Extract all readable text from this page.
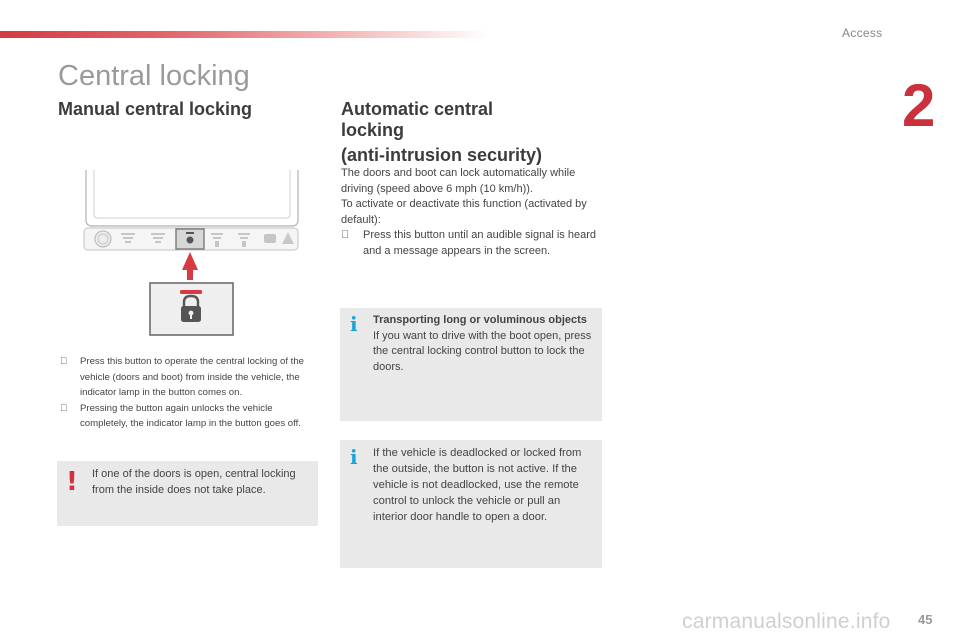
Access
2
Central locking
Manual central locking	Automatic central
locking
(anti-intrusion security)

Press this button to operate the central locking of the vehicle (doors and boot) from inside the vehicle, the indicator lamp in the button comes on.

Pressing the button again unlocks the vehicle completely, the indicator lamp in the button goes off.

If one of the doors is open, central locking from the inside does not take place.
!

The doors and boot can lock automatically while driving (speed above 6 mph (10 km/h)).

To activate or deactivate this function (activated by default):

Press this button until an audible signal is heard and a message appears in the screen.

i Transporting long or voluminous objects
If you want to drive with the boot open, press the central locking control button to lock the doors.
i If the vehicle is deadlocked or locked from the outside, the button is not active. If the vehicle is not deadlocked, use the remote control to unlock the vehicle or pull an interior door handle to open a door.
carmanualsonline.info 45
